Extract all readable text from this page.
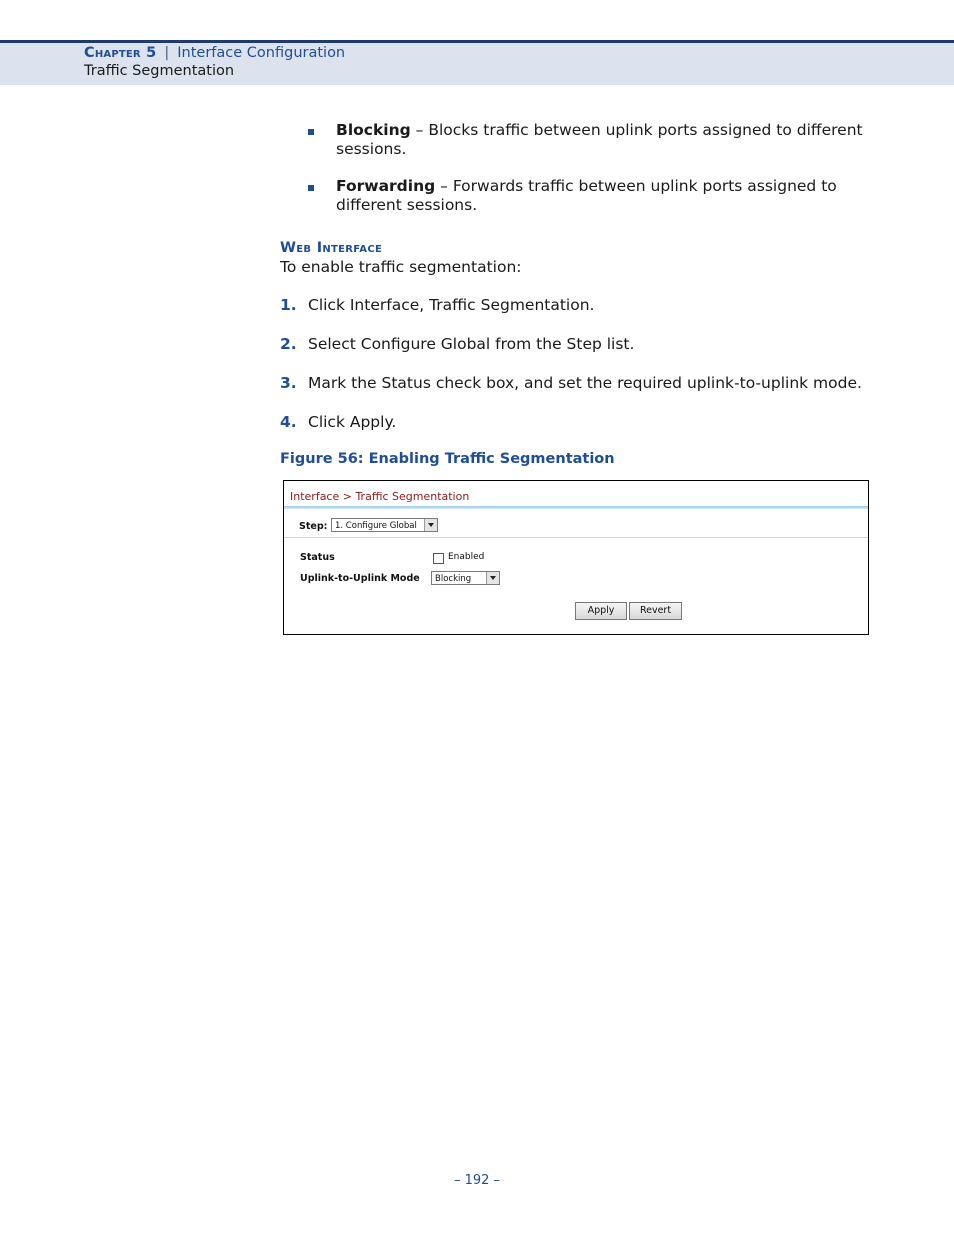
Chapter 5 | Interface Configuration
Traffic Segmentation
Blocking – Blocks traffic between uplink ports assigned to different sessions.
Forwarding – Forwards traffic between uplink ports assigned to different sessions.
Web Interface
To enable traffic segmentation:
1. Click Interface, Traffic Segmentation.
2. Select Configure Global from the Step list.
3. Mark the Status check box, and set the required uplink-to-uplink mode.
4. Click Apply.
Figure 56: Enabling Traffic Segmentation
Interface > Traffic Segmentation
Step: 1. Configure Global
Status	Enabled
Uplink-to-Uplink Mode	Blocking
Apply	Revert
– 192 –
